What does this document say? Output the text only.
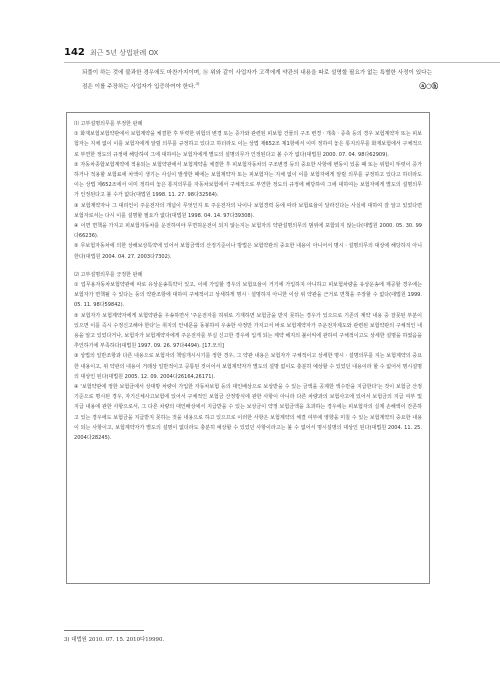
142 최근 5년 상법판례 OX
되풀이 하는 것에 불과한 경우에도 마찬가지이며, ⓑ 위와 같이 사업자가 고객에게 약관의 내용을 따로 설명할 필요가 없는 특별한 사정이 있다는 점은 이를 주장하는 사업자가 입증하여야 한다.$^{3)}$	ⓐ○ⓑ

⑴ 고부설명의무를 부정한 판례

① 화재보험보험약관에서 보험계약을 체결한 후 뚜렷한 위험의 변경 또는 증가와 관련된 피보험 건물의 구조 변경ㆍ개축ㆍ증축 등의 경우 보험계약자 또는 피보험자는 지체 없이 이를 보험자에게 알릴 의무를 규정하고 있다고 하더라도 이는 상법 제652조 제1항에서 이미 정하여 놓은 통지의무를 화재보험에서 구체적으로 부연한 정도의 규정에 해당하여 그에 대하여는 보험자에게 별도의 설명의무가 인정된다고 볼 수가 없다(대법원 2000. 07. 04. 98다62909).

② 자동차종합보험계약에 적용되는 보험약관에서 보험계약을 체결한 후 피보험자동차의 구조변경 등의 중요한 사항에 변동이 있을 때 또는 위험이 뚜렷이 증가하거나 적용할 보험료에 차액이 생기는 사실이 발생한 때에는 보험계약자 또는 피보험자는 지체 없이 이를 보험자에게 알릴 의무를 규정하고 있다고 하더라도 이는 상법 제652조에서 이미 정하여 놓은 통지의무를 자동차보험에서 구체적으로 부연한 정도의 규정에 해당하여 그에 대하여는 보험자에게 별도의 설명의무가 인정된다고 볼 수가 없다(대법원 1998. 11. 27. 98다32564).

③ 보험계약자나 그 대리인이 주운전자의 개념이 무엇인지 또 주운전자의 나이나 보험경력 등에 따라 보험료율이 달라진다는 사실에 대하여 잘 알고 있었다면 보험자로서는 다시 이를 설명할 필요가 없다(대법원 1998. 04. 14. 97다39308).

④ 이면 면책을 가지고 피보험자동차를 운전하여야 무면허운전이 되지 않는지는 보험자의 약관설명의무의 범위에 포함되지 않는다(대법원 2000. 05. 30. 99다66236).

⑤ 무보험자동차에 의한 상해보상특약에 있어서 보험금액의 산정기준이나 방법은 보험약관의 중요한 내용이 아니어서 명시ㆍ설명의무의 대상에 해당하지 아니한다(대법원 2004. 04. 27. 2003다7302).

⑵ 고부설명의무를 긍정한 판례

① 업무용자동차보험약관에 따로 유상운송특약이 있고, 이에 가입할 경우의 보험요율이 거기에 가입하지 아니하고 피보험차량을 유상운송에 제공할 경우에는 보험자가 면책될 수 있다는 등의 약관조항에 대하여 구체적이고 상세하게 명시ㆍ설명하지 아니한 이상 위 약관을 근거로 면책을 주장할 수 없다(대법원 1999. 05. 11. 98다59842).

② 보험자가 보험계약자에게 보험약관을 우송하면서 '주운전자를 허위로 기재하면 보험금을 받지 못하는 경우가 있으므로 기존의 계약 내용 중 잘못된 부분이 있으면 이를 즉시 수정신고해야 한다'는 취지의 안내문을 동봉하여 우송한 사정만 가지고서 바로 보험계약자가 주운전자제도와 관련된 보험약관의 구체적인 내용을 알고 있었다거나, 보험자가 보험계약자에게 주운전자를 부실 신고한 경우에 입게 되는 계약 해지의 불이익에 관하여 구체적이고도 상세한 설명을 하였음을 추인하기에 부족하다(대법원 1997. 09. 26. 97다4494). [17.모의]

③ 상법의 일반조항과 다른 내용으로 보험자의 책임개시시기를 정한 경우, 그 약관 내용은 보험자가 구체적이고 상세한 명시ㆍ설명의무를 지는 보험계약의 중요한 내용이고, 위 약관의 내용이 거래상 일반적이고 공통된 것이어서 보험계약자가 별도의 설명 없이도 충분히 예상할 수 있었던 내용이라 할 수 없어서 명시설명의 대상인 된다(대법원 2005. 12. 09. 2004다26164,26171).

④ '보험약관에 정한 보험금에서 상대방 차량이 가입한 자동차보험 등의 대인배상으로 보상받을 수 있는 금액을 공제한 액수만을 지급한다'는 것이 보험금 산정 기준으로 명시된 경우, 자기신체사고보험에 있어서 구체적인 보험금 산정방식에 관한 사항이 아니라 다른 차량과의 보험사고에 있어서 보험금의 지급 여부 및 지급 내용에 관한 사항으로서, 그 다른 차량의 대인배상에서 지급받을 수 있는 보상금이 약정 보험금액을 초과하는 경우에는 피보험자의 실제 손해액이 잔존하고 있는 경우에도 보험금을 지급받지 못하는 것을 내용으로 하고 있으므로 이러한 사항은 보험계약의 체결 여부에 영향을 미칠 수 있는 보험계약의 중요한 내용이 되는 사항이고, 보험계약자가 별도의 설명이 없더라도 충분히 예상할 수 있었던 사항이라고는 볼 수 없어서 명시설명의 대상인 된다(대법원 2004. 11. 25. 2004다28245).

3) 대법원 2010. 07. 15. 2010다19990.
